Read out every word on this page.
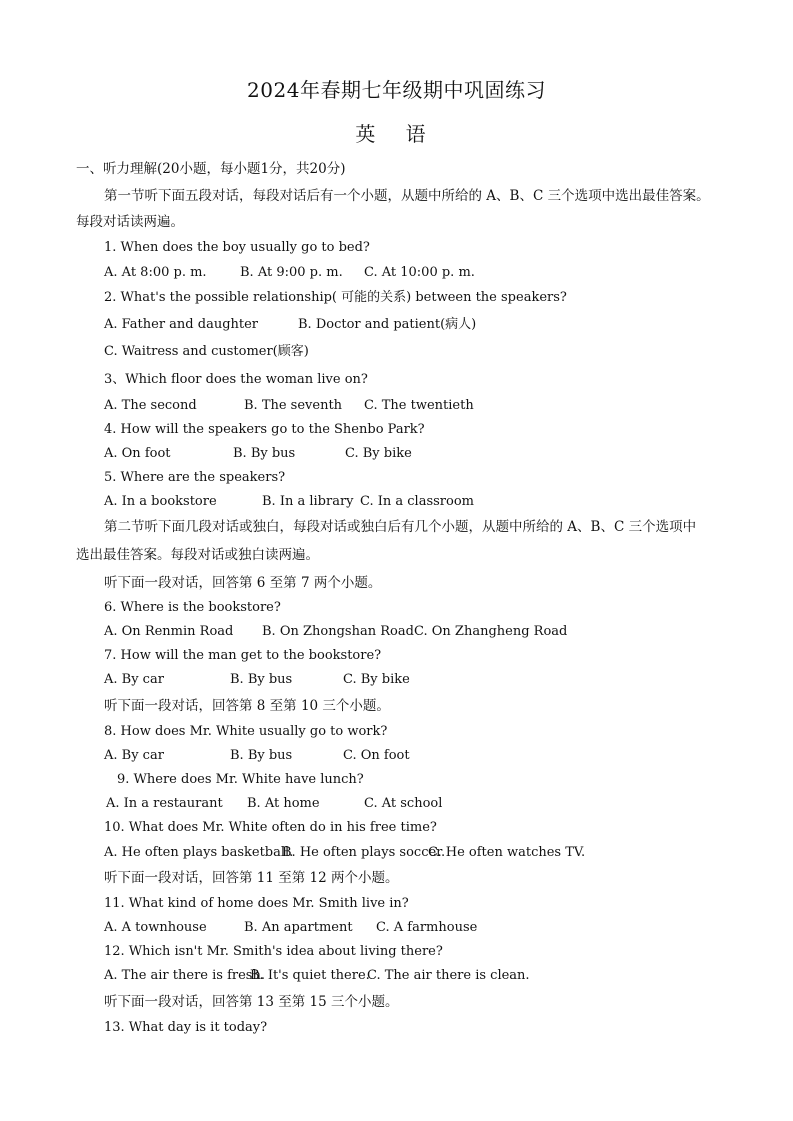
2024年春期七年级期中巩固练习
英 语
一、听力理解(20小题，每小题1分，共20分)
第一节听下面五段对话，每段对话后有一个小题，从题中所给的 A、B、C 三个选项中选出最佳答案。
每段对话读两遍。
1. When does the boy usually go to bed?
A. At 8:00 p. m.	B. At 9:00 p. m. C. At 10:00 p. m.
2. What's the possible relationship( 可能的关系) between the speakers?
A. Father and daughter	B. Doctor and patient(病人)
C. Waitress and customer(顾客)
3、Which floor does the woman live on?
A. The second	B. The seventh C. The twentieth
4. How will the speakers go to the Shenbo Park?
A. On foot	B. By bus	C. By bike
5. Where are the speakers?
A. In a bookstore	B. In a library C. In a classroom
第二节听下面几段对话或独白，每段对话或独白后有几个小题，从题中所给的 A、B、C 三个选项中
选出最佳答案。每段对话或独白读两遍。
听下面一段对话，回答第 6 至第 7 两个小题。
6. Where is the bookstore?
A. On Renmin Road B. On Zhongshan Road C. On Zhangheng Road
7. How will the man get to the bookstore?
A. By car	B. By bus	C. By bike
听下面一段对话，回答第 8 至第 10 三个小题。
8. How does Mr. White usually go to work?
A. By car	B. By bus	C. On foot
9. Where does Mr. White have lunch?
A. In a restaurant B. At home	C. At school
10. What does Mr. White often do in his free time?
A. He often plays basketball.
B. He often plays soccer.
C. He often watches TV.
听下面一段对话，回答第 11 至第 12 两个小题。
11. What kind of home does Mr. Smith live in?
A. A townhouse	B. An apartment C. A farmhouse
12. Which isn't Mr. Smith's idea about living there?
A. The air there is fresh.
B. It's quiet there.
C. The air there is clean.
听下面一段对话，回答第 13 至第 15 三个小题。
13. What day is it today?
